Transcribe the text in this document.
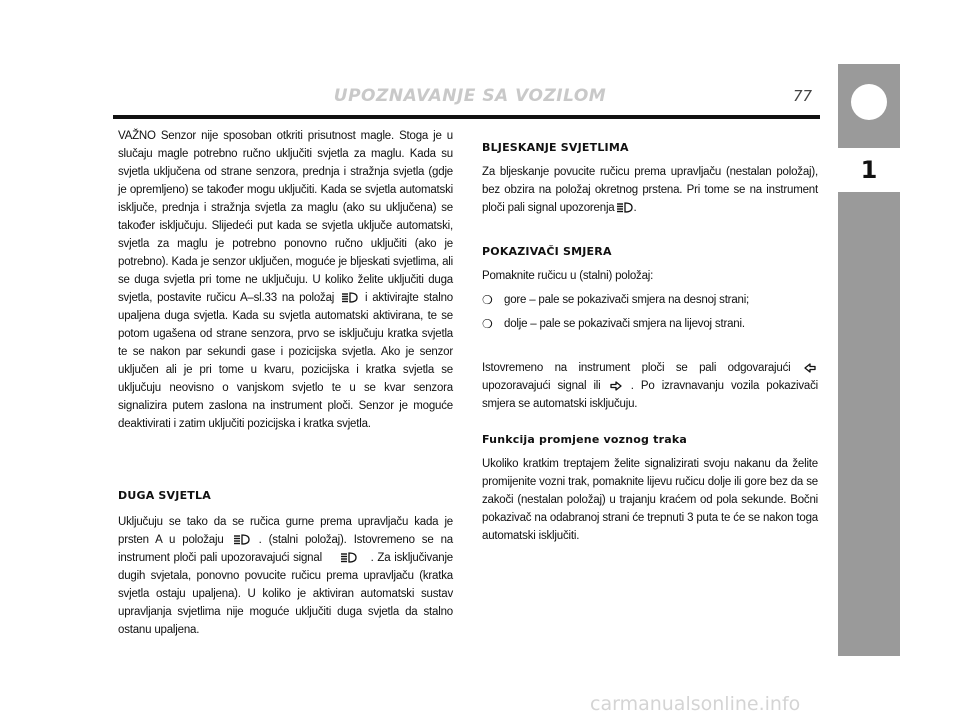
UPOZNAVANJE SA VOZILOM	77
1

VAŽNO Senzor nije sposoban otkriti prisutnost magle. Stoga je u slučaju magle potrebno ručno uključiti svjetla za maglu. Kada su svjetla uključena od strane senzora, prednja i stražnja svjetla (gdje je opremljeno) se također mogu uključiti. Kada se svjetla automatski isključe, prednja i stražnja svjetla za maglu (ako su uključena) se također isključuju. Slijedeći put kada se svjetla uključe automatski, svjetla za maglu je potrebno ponovno ručno uključiti (ako je potrebno). Kada je senzor uključen, moguće je bljeskati svjetlima, ali se duga svjetla pri tome ne uključuju. U koliko želite uključiti duga svjetla, postavite ručicu A–sl.33 na položaj	i aktivirajte stalno upaljena duga svjetla. Kada su svjetla automatski aktivirana, te se potom ugašena od strane senzora, prvo se isključuju kratka svjetla te se nakon par sekundi gase i pozicijska svjetla. Ako je senzor uključen ali je pri tome u kvaru, pozicijska i kratka svjetla se uključuju neovisno o vanjskom svjetlo te u se kvar senzora signalizira putem zaslona na instrument ploči. Senzor je moguće deaktivirati i zatim uključiti pozicijska i kratka svjetla.

DUGA SVJETLA

Uključuju se tako da se ručica gurne prema upravljaču kada je prsten A u položaju	. (stalni položaj). Istovremeno se na instrument ploči pali upozoravajući signal	. Za isključivanje dugih svjetala, ponovno povucite ručicu prema upravljaču (kratka svjetla ostaju upaljena). U koliko je aktiviran automatski sustav upravljanja svjetlima nije moguće uključiti duga svjetla da stalno ostanu upaljena.

BLJESKANJE SVJETLIMA

Za bljeskanje povucite ručicu prema upravljaču (nestalan položaj), bez obzira na položaj okretnog prstena. Pri tome se na instrument ploči pali signal upozorenja .

POKAZIVAČI SMJERA

Pomaknite ručicu u (stalni) položaj:

❍ gore – pale se pokazivači smjera na desnoj strani;

❍ dolje – pale se pokazivači smjera na lijevoj strani.

Istovremeno na instrument ploči se pali odgovarajući  upozoravajući signal ili	. Po izravnavanju vozila pokazivači smjera se automatski isključuju.

Funkcija promjene voznog traka

Ukoliko kratkim treptajem želite signalizirati svoju nakanu da želite promijenite vozni trak, pomaknite lijevu ručicu dolje ili gore bez da se zakoči (nestalan položaj) u trajanju kraćem od pola sekunde. Bočni pokazivač na odabranoj strani će trepnuti 3 puta te će se nakon toga automatski isključiti.

carmanualsonline.info
